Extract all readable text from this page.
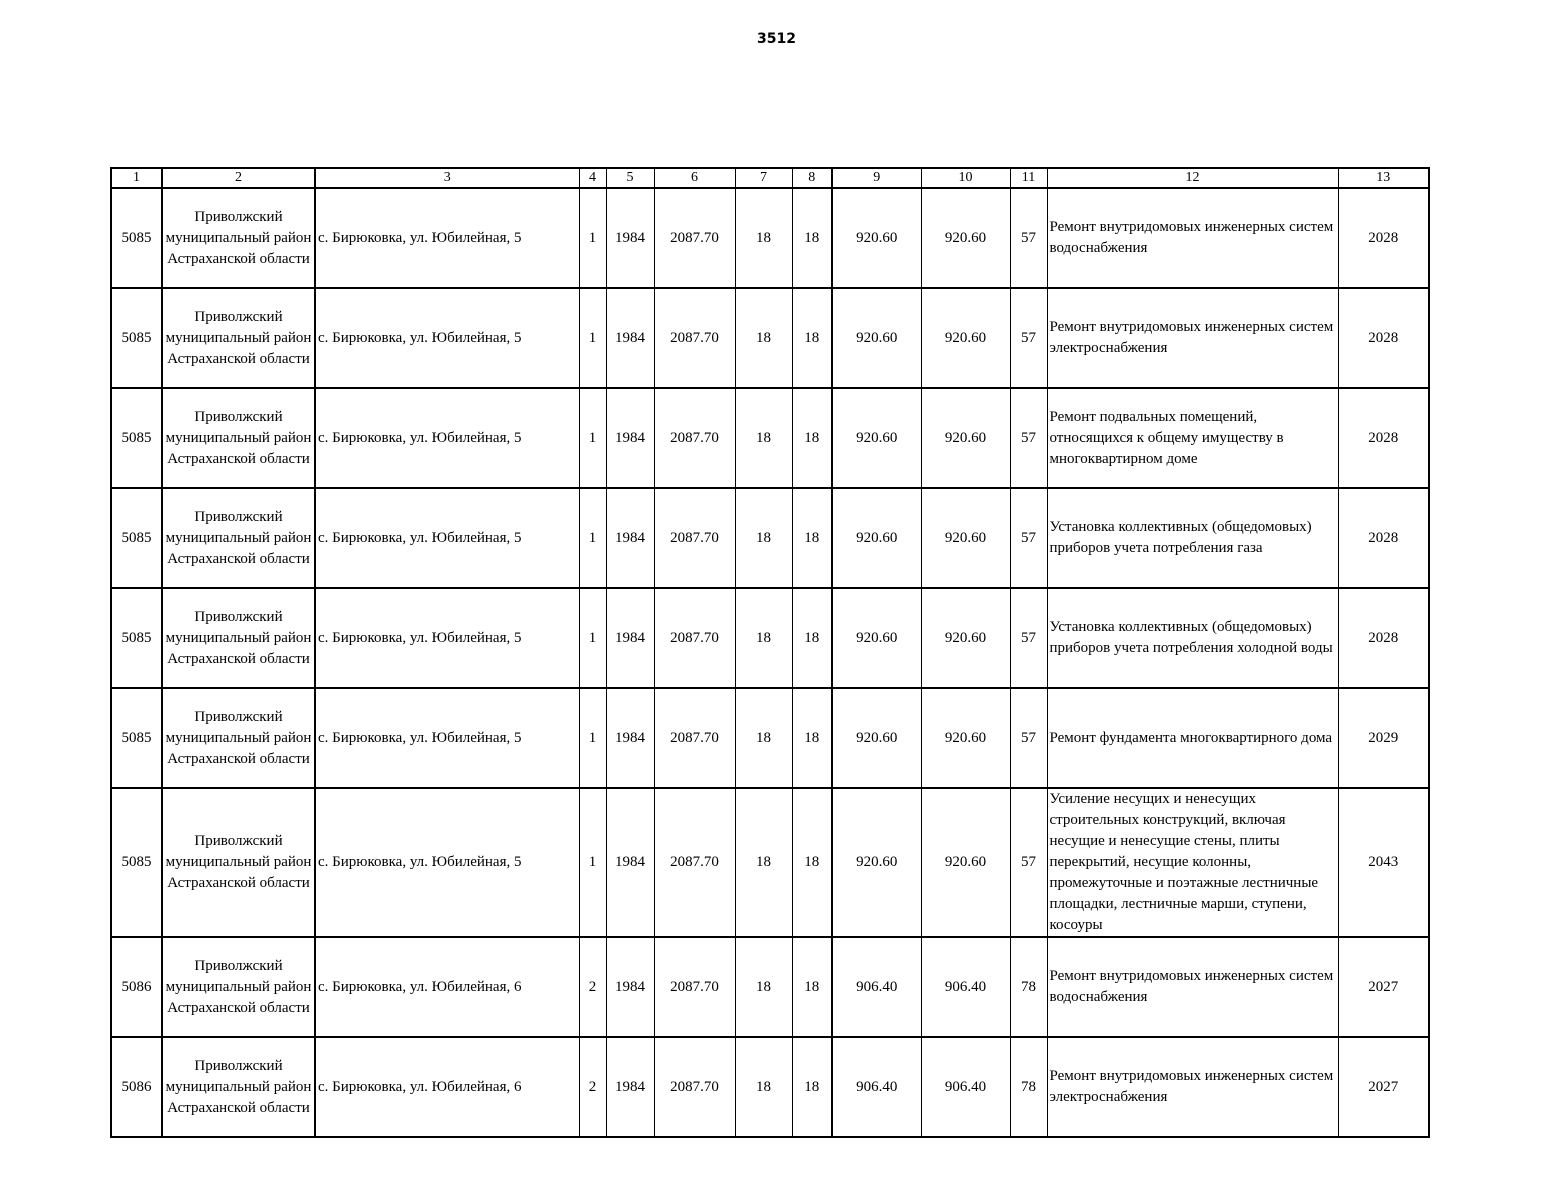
3512
1	2	3	4	5	6	7	8	9	10	11	12	13
5085	Приволжский муниципальный район Астраханской области	с. Бирюковка, ул. Юбилейная, 5	1	1984	2087.70	18	18	920.60	920.60	57	Ремонт внутридомовых инженерных систем водоснабжения	2028
5085	Приволжский муниципальный район Астраханской области	с. Бирюковка, ул. Юбилейная, 5	1	1984	2087.70	18	18	920.60	920.60	57	Ремонт внутридомовых инженерных систем электроснабжения	2028
5085	Приволжский муниципальный район Астраханской области	с. Бирюковка, ул. Юбилейная, 5	1	1984	2087.70	18	18	920.60	920.60	57	Ремонт подвальных помещений, относящихся к общему имуществу в многоквартирном доме	2028
5085	Приволжский муниципальный район Астраханской области	с. Бирюковка, ул. Юбилейная, 5	1	1984	2087.70	18	18	920.60	920.60	57	Установка коллективных (общедомовых) приборов учета потребления газа	2028
5085	Приволжский муниципальный район Астраханской области	с. Бирюковка, ул. Юбилейная, 5	1	1984	2087.70	18	18	920.60	920.60	57	Установка коллективных (общедомовых) приборов учета потребления холодной воды	2028
5085	Приволжский муниципальный район Астраханской области	с. Бирюковка, ул. Юбилейная, 5	1	1984	2087.70	18	18	920.60	920.60	57	Ремонт фундамента многоквартирного дома	2029
5085	Приволжский муниципальный район Астраханской области	с. Бирюковка, ул. Юбилейная, 5	1	1984	2087.70	18	18	920.60	920.60	57	Усиление несущих и ненесущих строительных конструкций, включая несущие и ненесущие стены, плиты перекрытий, несущие колонны, промежуточные и поэтажные лестничные площадки, лестничные марши, ступени, косоуры	2043
5086	Приволжский муниципальный район Астраханской области	с. Бирюковка, ул. Юбилейная, 6	2	1984	2087.70	18	18	906.40	906.40	78	Ремонт внутридомовых инженерных систем водоснабжения	2027
5086	Приволжский муниципальный район Астраханской области	с. Бирюковка, ул. Юбилейная, 6	2	1984	2087.70	18	18	906.40	906.40	78	Ремонт внутридомовых инженерных систем электроснабжения	2027
